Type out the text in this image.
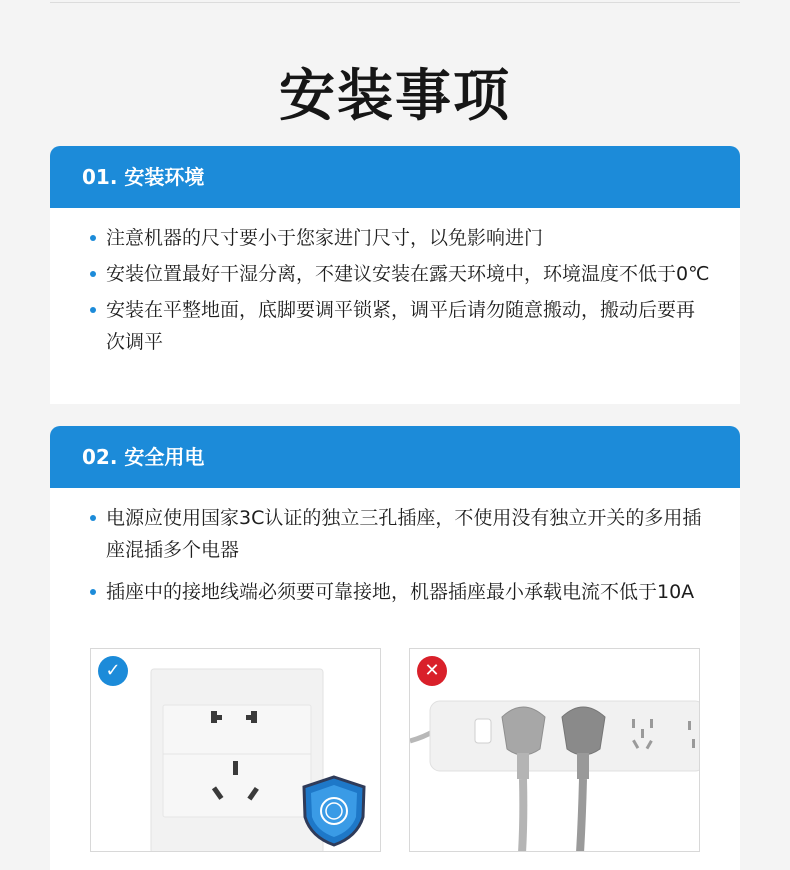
安装事项
01. 安装环境
注意机器的尺寸要小于您家进门尺寸，以免影响进门
安装位置最好干湿分离，不建议安装在露天环境中，环境温度不低于0℃
安装在平整地面，底脚要调平锁紧，调平后请勿随意搬动，搬动后要再次调平
02. 安全用电
电源应使用国家3C认证的独立三孔插座，不使用没有独立开关的多用插座混插多个电器
插座中的接地线端必须要可靠接地，机器插座最小承载电流不低于10A
✓	✕
